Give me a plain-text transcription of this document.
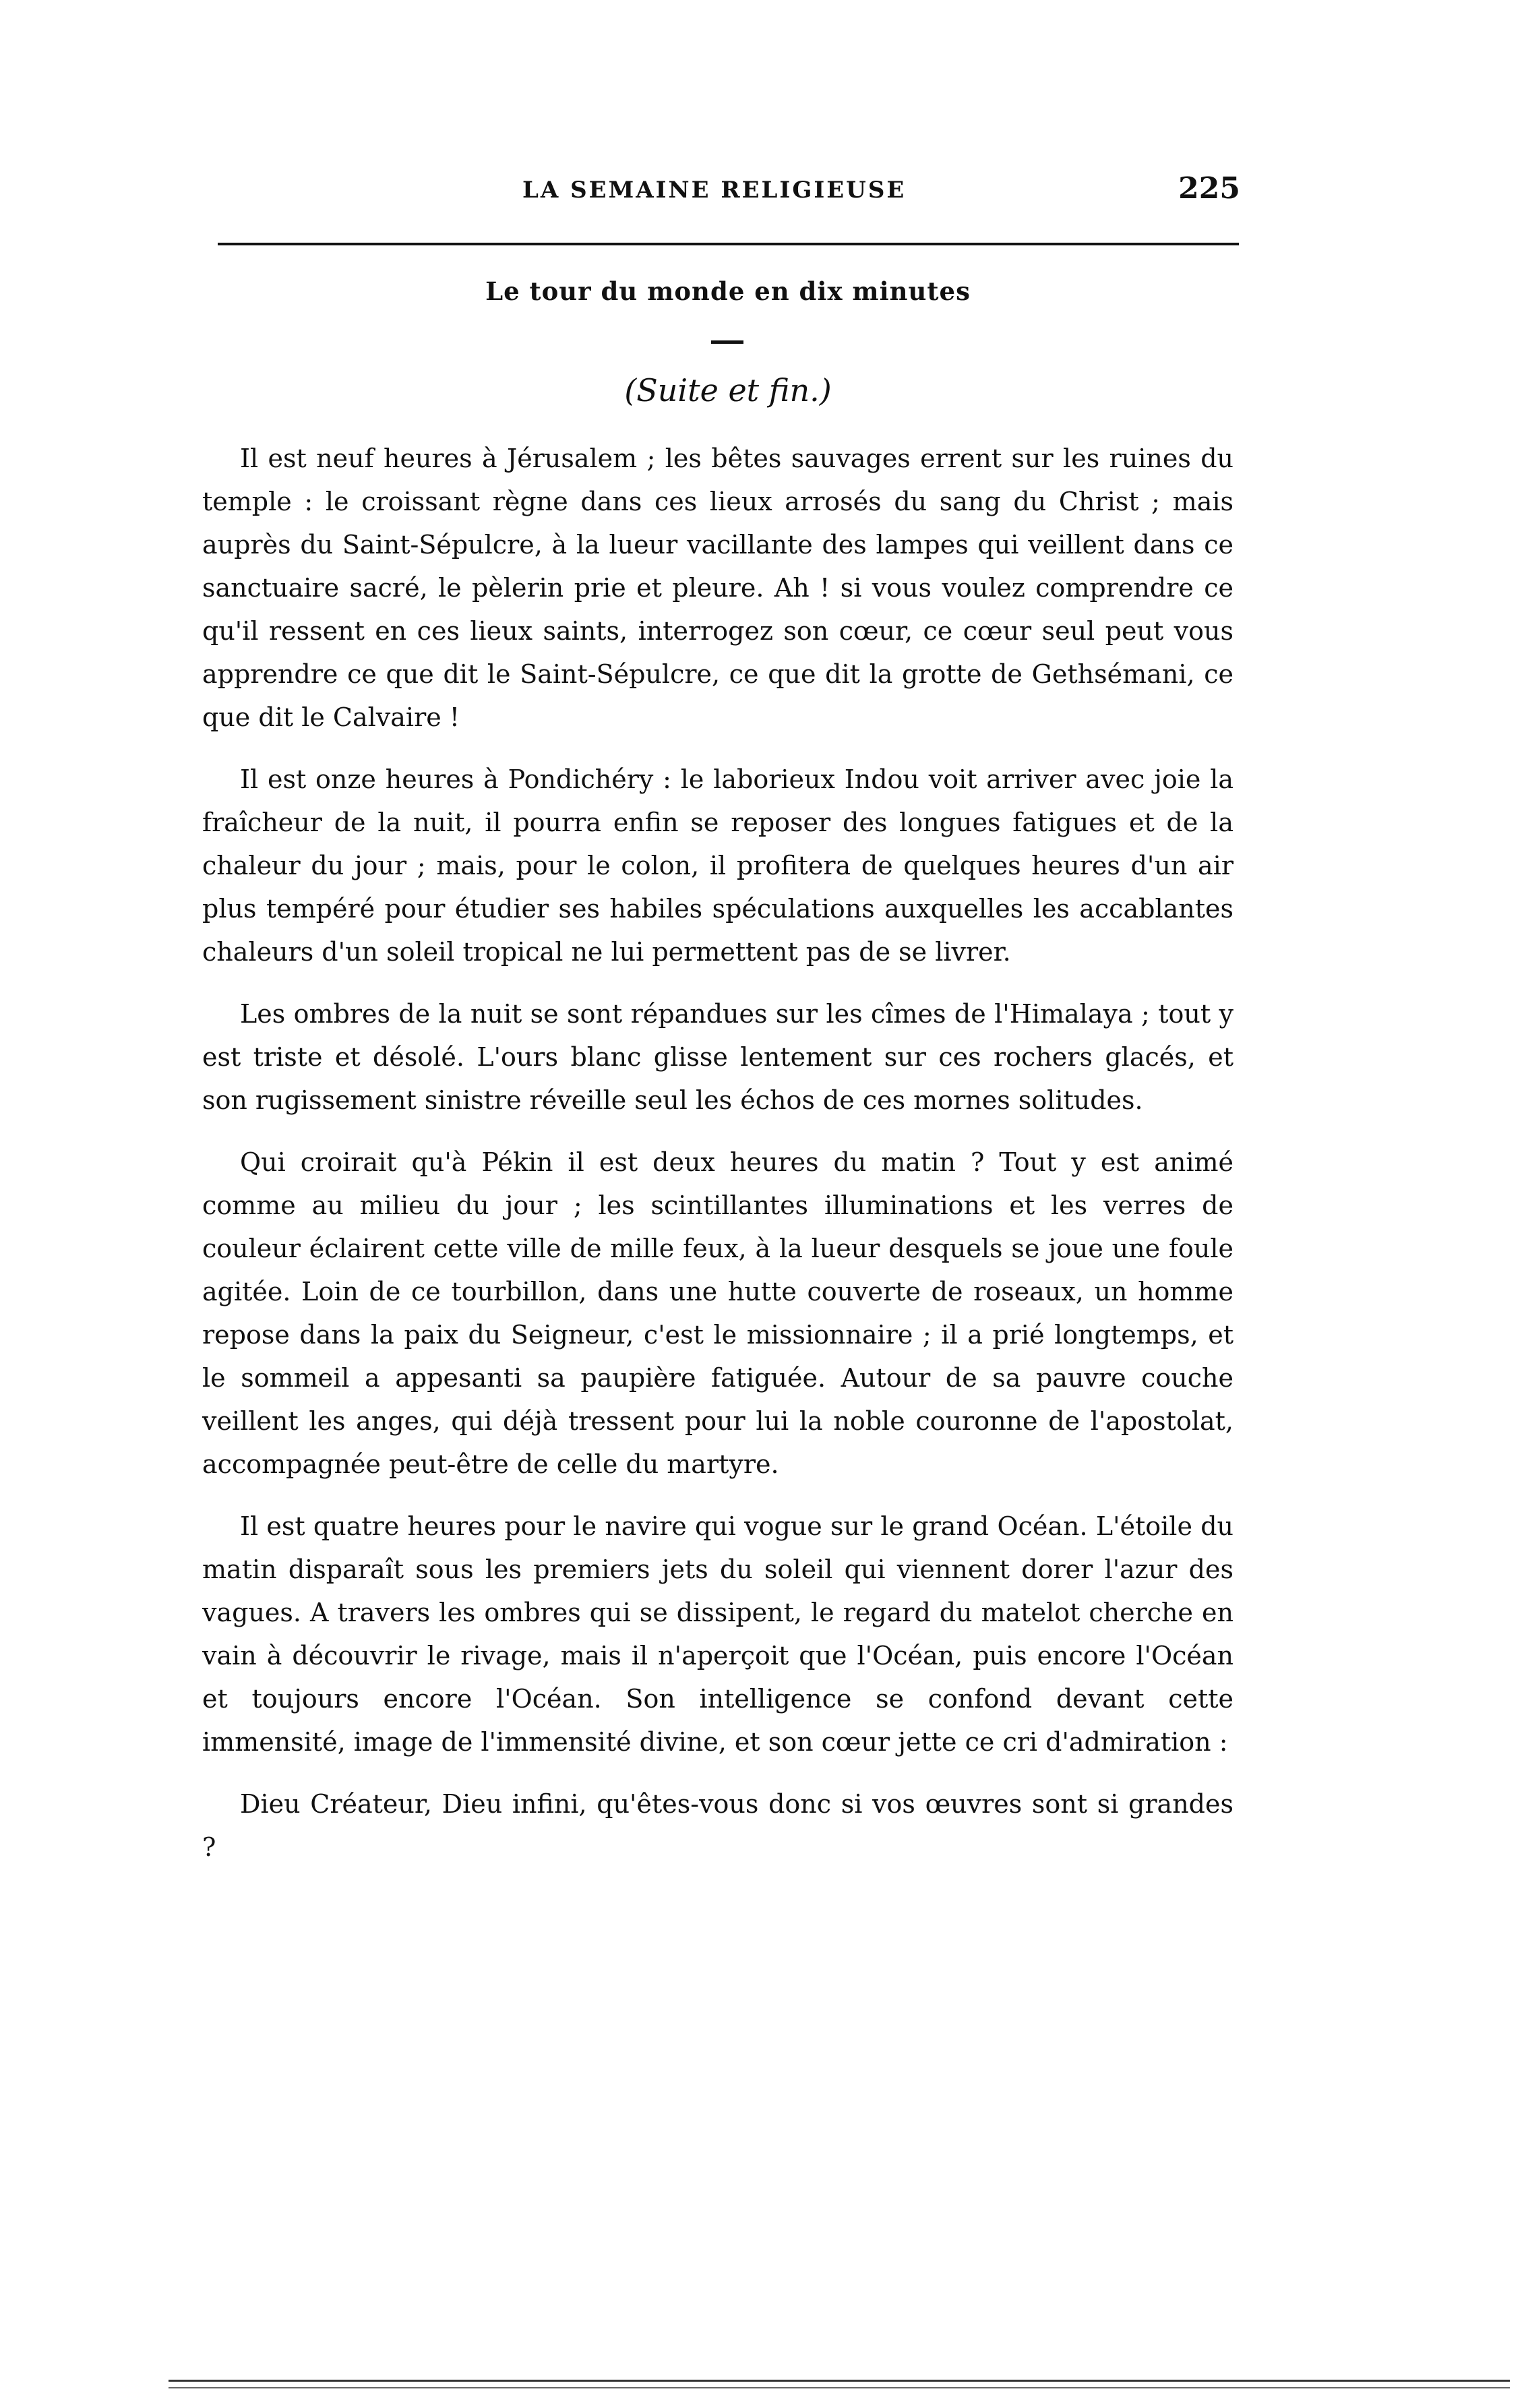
LA SEMAINE RELIGIEUSE	225
Le tour du monde en dix minutes
(Suite et fin.)

Il est neuf heures à Jérusalem ; les bêtes sauvages errent sur les ruines du temple : le croissant règne dans ces lieux arrosés du sang du Christ ; mais auprès du Saint-Sépulcre, à la lueur vacillante des lampes qui veillent dans ce sanctuaire sacré, le pèlerin prie et pleure. Ah ! si vous voulez comprendre ce qu'il ressent en ces lieux saints, interrogez son cœur, ce cœur seul peut vous apprendre ce que dit le Saint-Sépulcre, ce que dit la grotte de Gethsémani, ce que dit le Calvaire !

Il est onze heures à Pondichéry : le laborieux Indou voit arriver avec joie la fraîcheur de la nuit, il pourra enfin se reposer des longues fatigues et de la chaleur du jour ; mais, pour le colon, il profitera de quelques heures d'un air plus tempéré pour étudier ses habiles spéculations auxquelles les accablantes chaleurs d'un soleil tropical ne lui permettent pas de se livrer.

Les ombres de la nuit se sont répandues sur les cîmes de l'Himalaya ; tout y est triste et désolé. L'ours blanc glisse lentement sur ces rochers glacés, et son rugissement sinistre réveille seul les échos de ces mornes solitudes.

Qui croirait qu'à Pékin il est deux heures du matin ? Tout y est animé comme au milieu du jour ; les scintillantes illuminations et les verres de couleur éclairent cette ville de mille feux, à la lueur desquels se joue une foule agitée. Loin de ce tourbillon, dans une hutte couverte de roseaux, un homme repose dans la paix du Seigneur, c'est le missionnaire ; il a prié longtemps, et le sommeil a appesanti sa paupière fatiguée. Autour de sa pauvre couche veillent les anges, qui déjà tressent pour lui la noble couronne de l'apostolat, accompagnée peut-être de celle du martyre.

Il est quatre heures pour le navire qui vogue sur le grand Océan. L'étoile du matin disparaît sous les premiers jets du soleil qui viennent dorer l'azur des vagues. A travers les ombres qui se dissipent, le regard du matelot cherche en vain à découvrir le rivage, mais il n'aperçoit que l'Océan, puis encore l'Océan et toujours encore l'Océan. Son intelligence se confond devant cette immensité, image de l'immensité divine, et son cœur jette ce cri d'admiration :

Dieu Créateur, Dieu infini, qu'êtes-vous donc si vos œuvres sont si grandes ?
